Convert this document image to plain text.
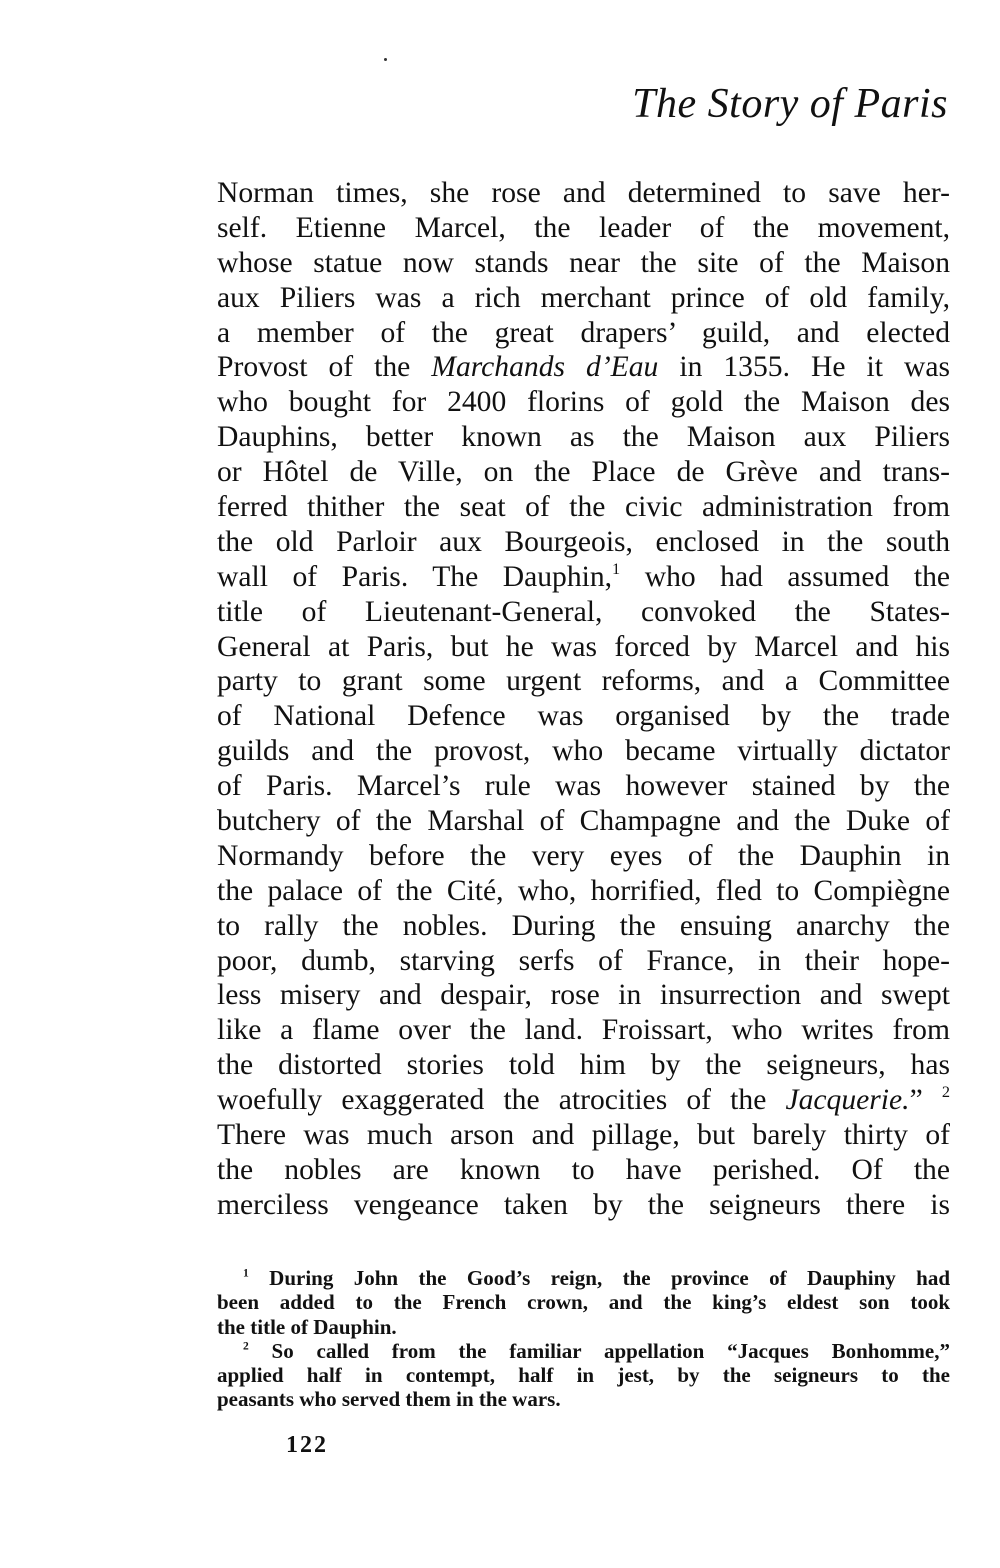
The Story of Paris
Norman times, she rose and determined to save her-
self. Etienne Marcel, the leader of the movement,
whose statue now stands near the site of the Maison
aux Piliers was a rich merchant prince of old family,
a member of the great drapers’ guild, and elected
Provost of the Marchands d’Eau in 1355. He it was
who bought for 2400 florins of gold the Maison des
Dauphins, better known as the Maison aux Piliers
or Hôtel de Ville, on the Place de Grève and trans-
ferred thither the seat of the civic administration from
the old Parloir aux Bourgeois, enclosed in the south
wall of Paris. The Dauphin,$^1$ who had assumed the
title of Lieutenant-General, convoked the States-
General at Paris, but he was forced by Marcel and his
party to grant some urgent reforms, and a Committee
of National Defence was organised by the trade
guilds and the provost, who became virtually dictator
of Paris. Marcel’s rule was however stained by the
butchery of the Marshal of Champagne and the Duke of
Normandy before the very eyes of the Dauphin in
the palace of the Cité, who, horrified, fled to Compiègne
to rally the nobles. During the ensuing anarchy the
poor, dumb, starving serfs of France, in their hope-
less misery and despair, rose in insurrection and swept
like a flame over the land. Froissart, who writes from
the distorted stories told him by the seigneurs, has
woefully exaggerated the atrocities of the Jacquerie.” $^2$
There was much arson and pillage, but barely thirty of
the nobles are known to have perished. Of the
merciless vengeance taken by the seigneurs there is
$^1$ During John the Good’s reign, the province of Dauphiny had
been added to the French crown, and the king’s eldest son took
the title of Dauphin.
$^2$ So called from the familiar appellation “Jacques Bonhomme,”
applied half in contempt, half in jest, by the seigneurs to the
peasants who served them in the wars.
122
